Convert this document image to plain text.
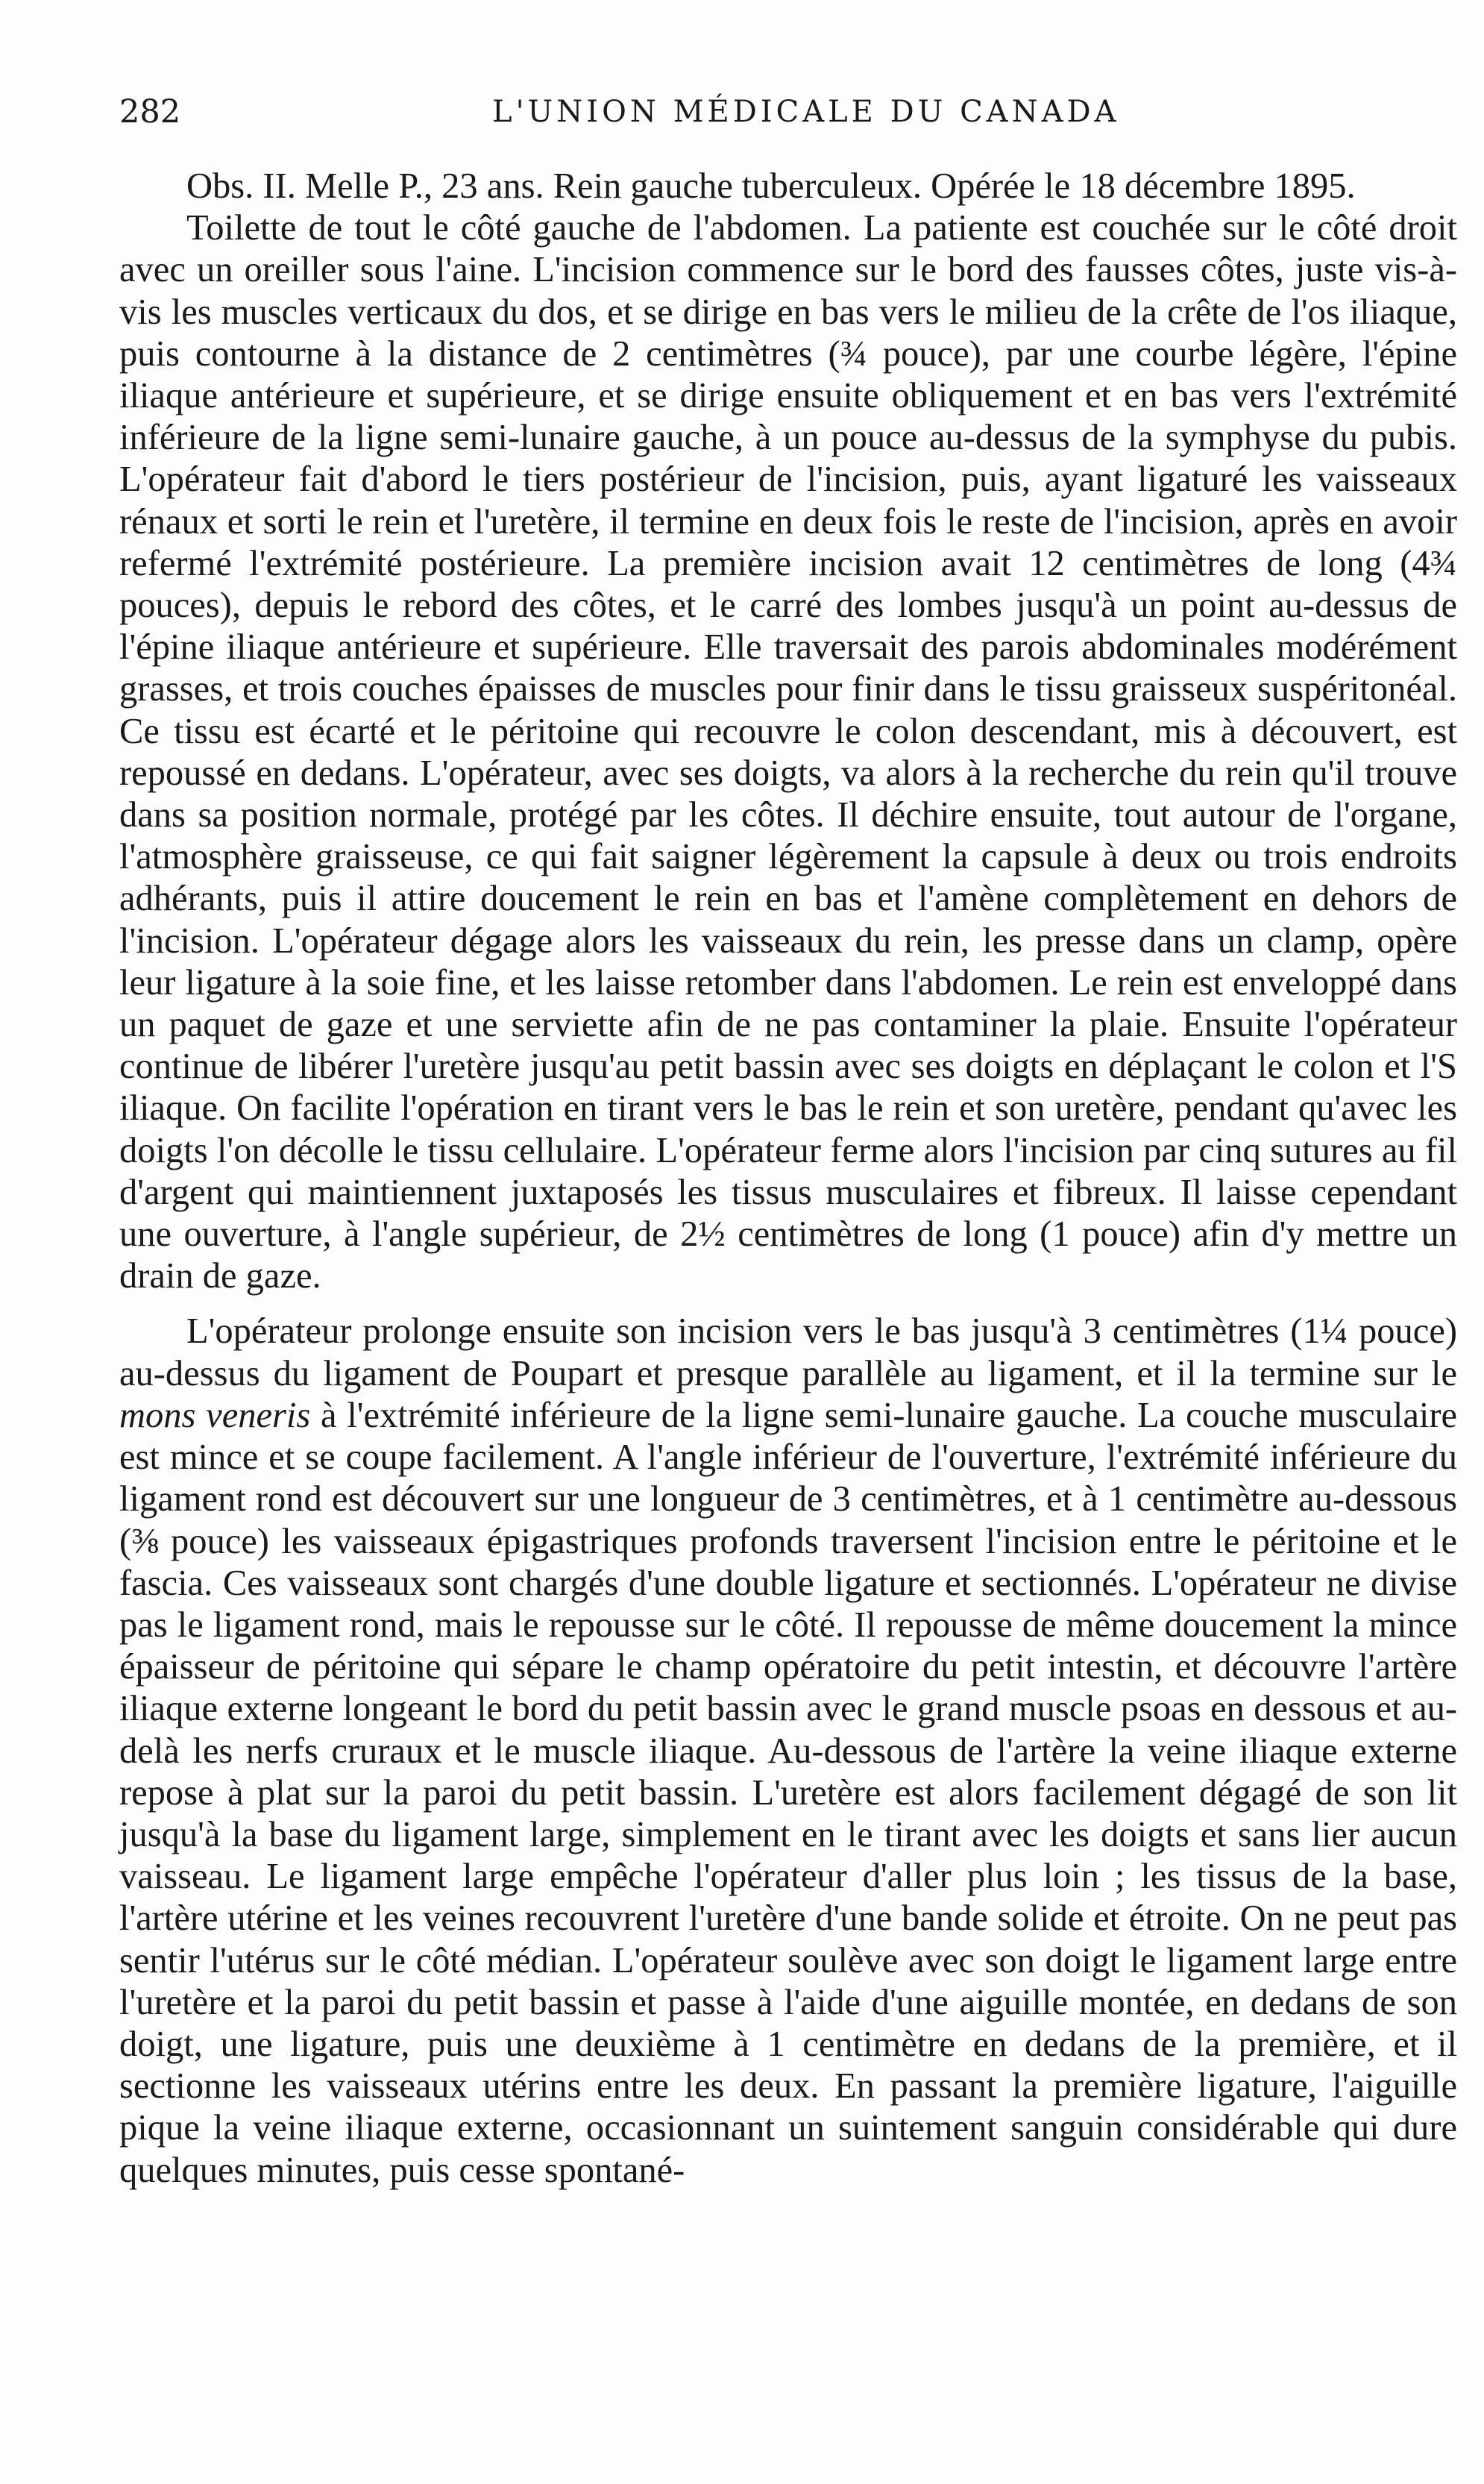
282	L'UNION MÉDICALE DU CANADA

Obs. II. Melle P., 23 ans. Rein gauche tuberculeux. Opérée le 18 décembre 1895.

Toilette de tout le côté gauche de l'abdomen. La patiente est couchée sur le côté droit avec un oreiller sous l'aine. L'incision commence sur le bord des fausses côtes, juste vis-à-vis les muscles verticaux du dos, et se dirige en bas vers le milieu de la crête de l'os iliaque, puis contourne à la distance de 2 centimètres (¾ pouce), par une courbe légère, l'épine iliaque antérieure et supérieure, et se dirige ensuite obliquement et en bas vers l'extrémité inférieure de la ligne semi-lunaire gauche, à un pouce au-dessus de la symphyse du pubis. L'opérateur fait d'abord le tiers postérieur de l'incision, puis, ayant ligaturé les vaisseaux rénaux et sorti le rein et l'uretère, il termine en deux fois le reste de l'incision, après en avoir refermé l'extrémité postérieure. La première incision avait 12 centimètres de long (4¾ pouces), depuis le rebord des côtes, et le carré des lombes jusqu'à un point au-dessus de l'épine iliaque antérieure et supérieure. Elle traversait des parois abdominales modérément grasses, et trois couches épaisses de muscles pour finir dans le tissu graisseux suspéritonéal. Ce tissu est écarté et le péritoine qui recouvre le colon descendant, mis à découvert, est repoussé en dedans. L'opérateur, avec ses doigts, va alors à la recherche du rein qu'il trouve dans sa position normale, protégé par les côtes. Il déchire ensuite, tout autour de l'organe, l'atmosphère graisseuse, ce qui fait saigner légèrement la capsule à deux ou trois endroits adhérants, puis il attire doucement le rein en bas et l'amène complètement en dehors de l'incision. L'opérateur dégage alors les vaisseaux du rein, les presse dans un clamp, opère leur ligature à la soie fine, et les laisse retomber dans l'abdomen. Le rein est enveloppé dans un paquet de gaze et une serviette afin de ne pas contaminer la plaie. Ensuite l'opérateur continue de libérer l'uretère jusqu'au petit bassin avec ses doigts en déplaçant le colon et l'S iliaque. On facilite l'opération en tirant vers le bas le rein et son uretère, pendant qu'avec les doigts l'on décolle le tissu cellulaire. L'opérateur ferme alors l'incision par cinq sutures au fil d'argent qui maintiennent juxtaposés les tissus musculaires et fibreux. Il laisse cependant une ouverture, à l'angle supérieur, de 2½ centimètres de long (1 pouce) afin d'y mettre un drain de gaze.

L'opérateur prolonge ensuite son incision vers le bas jusqu'à 3 centimètres (1¼ pouce) au-dessus du ligament de Poupart et presque parallèle au ligament, et il la termine sur le mons veneris à l'extrémité inférieure de la ligne semi-lunaire gauche. La couche musculaire est mince et se coupe facilement. A l'angle inférieur de l'ouverture, l'extrémité inférieure du ligament rond est découvert sur une longueur de 3 centimètres, et à 1 centimètre au-dessous (⅜ pouce) les vaisseaux épigastriques profonds traversent l'incision entre le péritoine et le fascia. Ces vaisseaux sont chargés d'une double ligature et sectionnés. L'opérateur ne divise pas le ligament rond, mais le repousse sur le côté. Il repousse de même doucement la mince épaisseur de péritoine qui sépare le champ opératoire du petit intestin, et découvre l'artère iliaque externe longeant le bord du petit bassin avec le grand muscle psoas en dessous et au-delà les nerfs cruraux et le muscle iliaque. Au-dessous de l'artère la veine iliaque externe repose à plat sur la paroi du petit bassin. L'uretère est alors facilement dégagé de son lit jusqu'à la base du ligament large, simplement en le tirant avec les doigts et sans lier aucun vaisseau. Le ligament large empêche l'opérateur d'aller plus loin ; les tissus de la base, l'artère utérine et les veines recouvrent l'uretère d'une bande solide et étroite. On ne peut pas sentir l'utérus sur le côté médian. L'opérateur soulève avec son doigt le ligament large entre l'uretère et la paroi du petit bassin et passe à l'aide d'une aiguille montée, en dedans de son doigt, une ligature, puis une deuxième à 1 centimètre en dedans de la première, et il sectionne les vaisseaux utérins entre les deux. En passant la première ligature, l'aiguille pique la veine iliaque externe, occasionnant un suintement sanguin considérable qui dure quelques minutes, puis cesse spontané-
